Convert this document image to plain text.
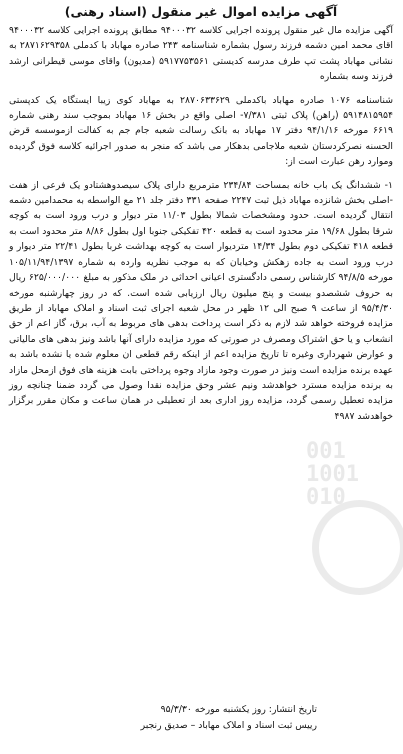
001 1001 010
آگهی مزایده اموال غیر منقول (اسناد رهنی)

آگهی مزایده مال غیر منقول پرونده اجرایی کلاسه ۹۴۰۰۰۳۲ مطابق پرونده اجرایی کلاسه ۹۴۰۰۰۳۲ اقای محمد امین دشمه فرزند رسول بشماره شناسنامه ۲۴۳ صادره مهاباد با کدملی ۲۸۷۱۶۲۹۳۵۸ به نشانی مهاباد پشت تپ طرف مدرسه کدیستی ۵۹۱۷۷۵۳۵۶۱ (مدیون) واقای موسی قیطرانی ارشد فرزند وسه بشماره

شناسنامه ۱۰۷۶ صادره مهاباد باکدملی ۲۸۷۰۶۳۳۶۲۹ به مهاباد کوی زیبا ایستگاه یک کدپستی ۵۹۱۴۸۱۵۹۵۴ (راهن) پلاک ثبتی ۷/۳۸۱- اصلی واقع در بخش ۱۶ مهاباد بموجب سند رهنی شماره ۶۶۱۹ مورخه ۹۴/۱/۱۶ دفتر ۱۷ مهاباد به بانک رسالت شعبه جام جم به کفالت ازموسسه قرض الحسنه نصرکردستان شعبه ملاجامی بدهکار می باشد که منجر به صدور اجرائیه کلاسه فوق گردیده وموارد رهن عبارت است از:

۱- ششدانگ یک باب خانه بمساحت ۲۳۴/۸۴ مترمربع دارای پلاک سیصدوهشتادو یک فرعی از هفت -اصلی بخش شانزده مهاباد ذیل ثبت ۲۲۴۷ صفحه ۳۳۱ دفتر جلد ۲۱ مع الواسطه به محمدامین دشمه انتقال گردیده است. حدود ومشخصات شمالا بطول ۱۱/۰۳ متر دیوار و درب ورود است به کوچه شرقا بطول ۱۹/۶۸ متر محدود است به قطعه ۴۲۰ تفکیکی جنوبا اول بطول ۸/۸۶ متر محدود است به قطعه ۴۱۸ تفکیکی دوم بطول ۱۴/۳۴ متردیوار است به کوچه بهداشت غربا بطول ۲۲/۴۱ متر دیوار و درب ورود است به جاده زهکش وخیابان که به موجب نظریه وارده به شماره ۱۰۵/۱۱/۹۴/۱۳۹۷ مورخه ۹۴/۸/۵ کارشناس رسمی دادگستری اعیانی احداثی در ملک مذکور به مبلغ ۶۲۵/۰۰۰/۰۰۰ ریال به حروف ششصدو بیست و پنج میلیون ریال ارزیابی شده است. که در روز چهارشنبه مورخه ۹۵/۴/۳۰ از ساعت ۹ صبح الی ۱۲ ظهر در محل شعبه اجرای ثبت اسناد و املاک مهاباد از طریق مزایده فروخته خواهد شد لازم به ذکر است پرداخت بدهی های مربوط به آب، برق، گاز اعم از حق انشعاب و یا حق اشتراک ومصرف در صورتی که مورد مزایده دارای آنها باشد ونیز بدهی های مالیاتی و عوارض شهرداری وغیره تا تاریخ مزایده اعم از اینکه رقم قطعی ان معلوم شده یا نشده باشد به عهده برنده مزایده است ونیز در صورت وجود مازاد وجوه پرداختی بابت هزینه های فوق ازمحل مازاد به برنده مزایده مسترد خواهدشد ونیم عشر وحق مزایده نقدا وصول می گردد ضمنا چنانچه روز مزایده تعطیل رسمی گردد، مزایده روز اداری بعد از تعطیلی در همان ساعت و مکان مقرر برگزار خواهدشد ۴۹۸۷

تاریخ انتشار: روز یکشنبه مورخه ۹۵/۳/۳۰
رییس ثبت اسناد و املاک مهاباد – صدیق رنجبر
